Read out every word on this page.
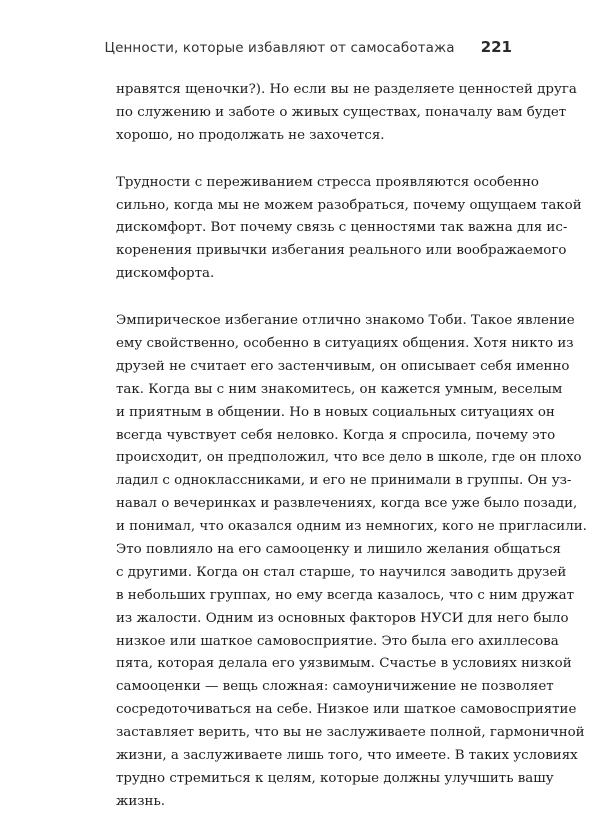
Ценности, которые избавляют от самосаботажа 221

нравятся щеночки?). Но если вы не разделяете ценностей друга
по служению и заботе о живых существах, поначалу вам будет
хорошо, но продолжать не захочется.

Трудности с переживанием стресса проявляются особенно
сильно, когда мы не можем разобраться, почему ощущаем такой
дискомфорт. Вот почему связь с ценностями так важна для ис-
коренения привычки избегания реального или воображаемого
дискомфорта.

Эмпирическое избегание отлично знакомо Тоби. Такое явление
ему свойственно, особенно в ситуациях общения. Хотя никто из
друзей не считает его застенчивым, он описывает себя именно
так. Когда вы с ним знакомитесь, он кажется умным, веселым
и приятным в общении. Но в новых социальных ситуациях он
всегда чувствует себя неловко. Когда я спросила, почему это
происходит, он предположил, что все дело в школе, где он плохо
ладил с одноклассниками, и его не принимали в группы. Он уз-
навал о вечеринках и развлечениях, когда все уже было позади,
и понимал, что оказался одним из немногих, кого не пригласили.
Это повлияло на его самооценку и лишило желания общаться
с другими. Когда он стал старше, то научился заводить друзей
в небольших группах, но ему всегда казалось, что с ним дружат
из жалости. Одним из основных факторов НУСИ для него было
низкое или шаткое самовосприятие. Это была его ахиллесова
пята, которая делала его уязвимым. Счастье в условиях низкой
самооценки — вещь сложная: самоуничижение не позволяет
сосредоточиваться на себе. Низкое или шаткое самовосприятие
заставляет верить, что вы не заслуживаете полной, гармоничной
жизни, а заслуживаете лишь того, что имеете. В таких условиях
трудно стремиться к целям, которые должны улучшить вашу
жизнь.
